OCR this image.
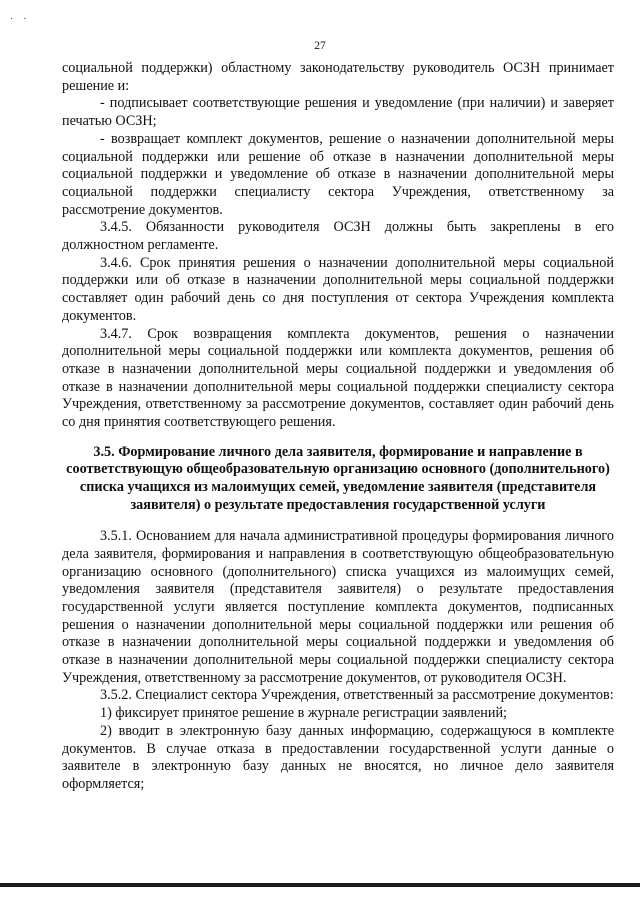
··
27

социальной поддержки) областному законодательству руководитель ОСЗН принимает решение и:

- подписывает соответствующие решения и уведомление (при наличии) и заверяет печатью ОСЗН;

- возвращает комплект документов, решение о назначении дополнительной меры социальной поддержки или решение об отказе в назначении дополнительной меры социальной поддержки и уведомление об отказе в назначении дополнительной меры социальной поддержки специалисту сектора Учреждения, ответственному за рассмотрение документов.

3.4.5. Обязанности руководителя ОСЗН должны быть закреплены в его должностном регламенте.

3.4.6. Срок принятия решения о назначении дополнительной меры социальной поддержки или об отказе в назначении дополнительной меры социальной поддержки составляет один рабочий день со дня поступления от сектора Учреждения комплекта документов.

3.4.7. Срок возвращения комплекта документов, решения о назначении дополнительной меры социальной поддержки или комплекта документов, решения об отказе в назначении дополнительной меры социальной поддержки и уведомления об отказе в назначении дополнительной меры социальной поддержки специалисту сектора Учреждения, ответственному за рассмотрение документов, составляет один рабочий день со дня принятия соответствующего решения.

3.5. Формирование личного дела заявителя, формирование и направление в соответствующую общеобразовательную организацию основного (дополнительного) списка учащихся из малоимущих семей, уведомление заявителя (представителя заявителя) о результате предоставления государственной услуги

3.5.1. Основанием для начала административной процедуры формирования личного дела заявителя, формирования и направления в соответствующую общеобразовательную организацию основного (дополнительного) списка учащихся из малоимущих семей, уведомления заявителя (представителя заявителя) о результате предоставления государственной услуги является поступление комплекта документов, подписанных решения о назначении дополнительной меры социальной поддержки или решения об отказе в назначении дополнительной меры социальной поддержки и уведомления об отказе в назначении дополнительной меры социальной поддержки специалисту сектора Учреждения, ответственному за рассмотрение документов, от руководителя ОСЗН.

3.5.2. Специалист сектора Учреждения, ответственный за рассмотрение документов:

1) фиксирует принятое решение в журнале регистрации заявлений;

2) вводит в электронную базу данных информацию, содержащуюся в комплекте документов. В случае отказа в предоставлении государственной услуги данные о заявителе в электронную базу данных не вносятся, но личное дело заявителя оформляется;
